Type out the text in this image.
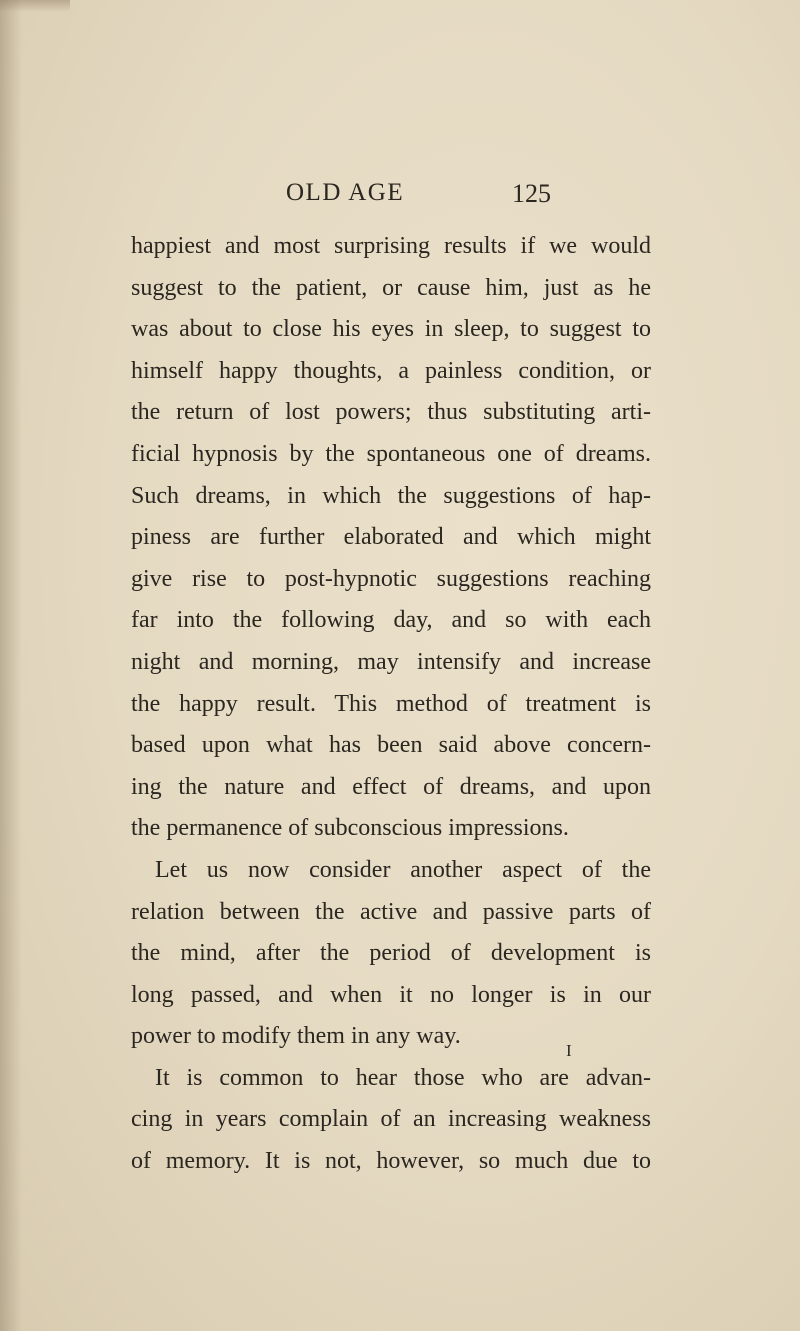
OLD AGE	125
happiest and most surprising results if we would
suggest to the patient, or cause him, just as he
was about to close his eyes in sleep, to suggest to
himself happy thoughts, a painless condition, or
the return of lost powers; thus substituting arti-
ficial hypnosis by the spontaneous one of dreams.
Such dreams, in which the suggestions of hap-
piness are further elaborated and which might
give rise to post-hypnotic suggestions reaching
far into the following day, and so with each
night and morning, may intensify and increase
the happy result. This method of treatment is
based upon what has been said above concern-
ing the nature and effect of dreams, and upon
the permanence of subconscious impressions.
Let us now consider another aspect of the
relation between the active and passive parts of
the mind, after the period of development is
long passed, and when it no longer is in our
power to modify them in any way.
It is common to hear those who are advan-
cing in years complain of an increasing weakness
of memory. It is not, however, so much due to
I
